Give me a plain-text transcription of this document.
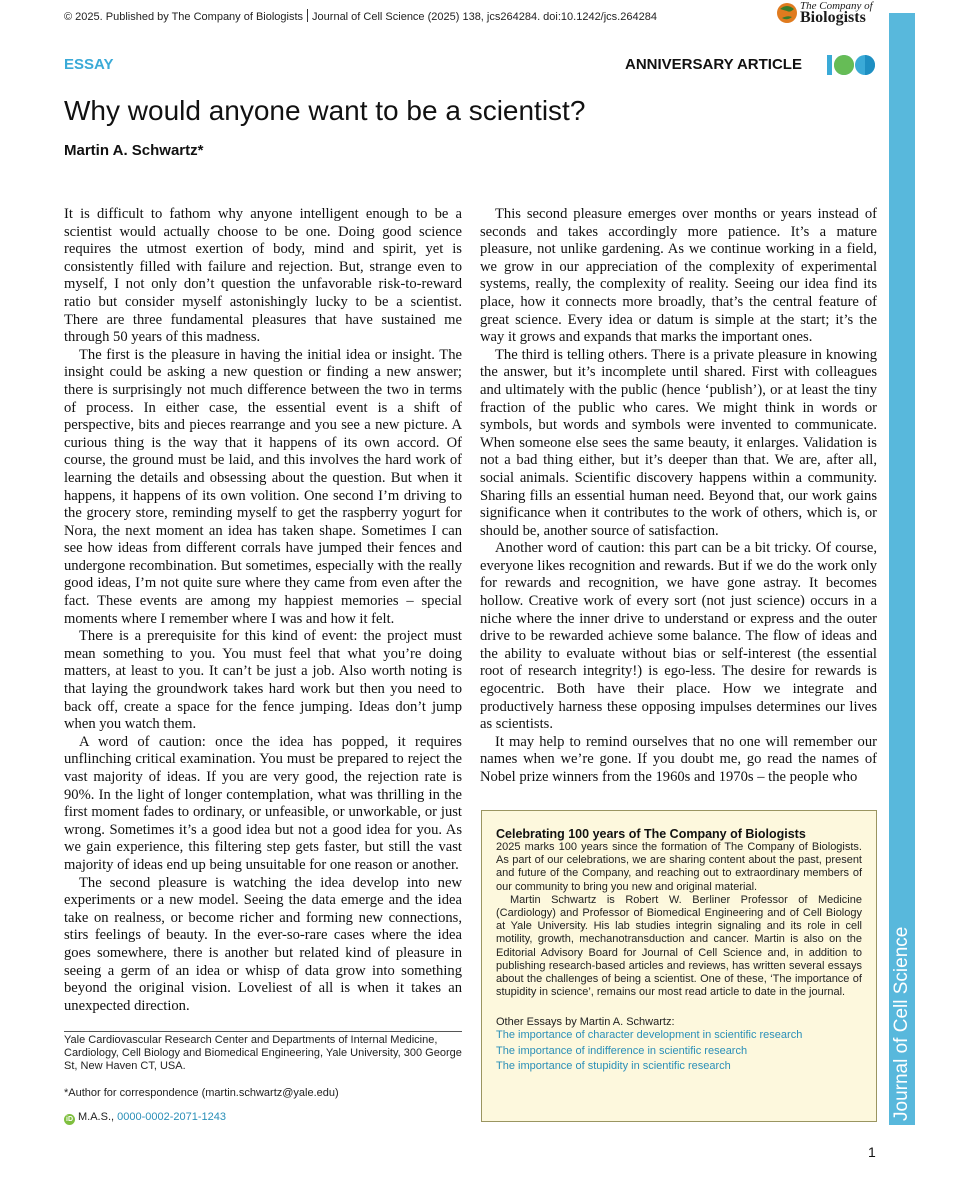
© 2025. Published by The Company of Biologists Journal of Cell Science (2025) 138, jcs264284. doi:10.1242/jcs.264284
The Company of
Biologists
ESSAY	ANNIVERSARY ARTICLE
Why would anyone want to be a scientist?
Martin A. Schwartz*

It is difficult to fathom why anyone intelligent enough to be a scientist would actually choose to be one. Doing good science requires the utmost exertion of body, mind and spirit, yet is consistently filled with failure and rejection. But, strange even to myself, I not only don’t question the unfavorable risk-to-reward ratio but consider myself astonishingly lucky to be a scientist. There are three fundamental pleasures that have sustained me through 50 years of this madness.

The first is the pleasure in having the initial idea or insight. The insight could be asking a new question or finding a new answer; there is surprisingly not much difference between the two in terms of process. In either case, the essential event is a shift of perspective, bits and pieces rearrange and you see a new picture. A curious thing is the way that it happens of its own accord. Of course, the ground must be laid, and this involves the hard work of learning the details and obsessing about the question. But when it happens, it happens of its own volition. One second I’m driving to the grocery store, reminding myself to get the raspberry yogurt for Nora, the next moment an idea has taken shape. Sometimes I can see how ideas from different corrals have jumped their fences and undergone recombination. But sometimes, especially with the really good ideas, I’m not quite sure where they came from even after the fact. These events are among my happiest memories – special moments where I remember where I was and how it felt.

There is a prerequisite for this kind of event: the project must mean something to you. You must feel that what you’re doing matters, at least to you. It can’t be just a job. Also worth noting is that laying the groundwork takes hard work but then you need to back off, create a space for the fence jumping. Ideas don’t jump when you watch them.

A word of caution: once the idea has popped, it requires unflinching critical examination. You must be prepared to reject the vast majority of ideas. If you are very good, the rejection rate is 90%. In the light of longer contemplation, what was thrilling in the first moment fades to ordinary, or unfeasible, or unworkable, or just wrong. Sometimes it’s a good idea but not a good idea for you. As we gain experience, this filtering step gets faster, but still the vast majority of ideas end up being unsuitable for one reason or another.

The second pleasure is watching the idea develop into new experiments or a new model. Seeing the data emerge and the idea take on realness, or become richer and forming new connections, stirs feelings of beauty. In the ever-so-rare cases where the idea goes somewhere, there is another but related kind of pleasure in seeing a germ of an idea or whisp of data grow into something beyond the original vision. Loveliest of all is when it takes an unexpected direction.

This second pleasure emerges over months or years instead of seconds and takes accordingly more patience. It’s a mature pleasure, not unlike gardening. As we continue working in a field, we grow in our appreciation of the complexity of experimental systems, really, the complexity of reality. Seeing our idea find its place, how it connects more broadly, that’s the central feature of great science. Every idea or datum is simple at the start; it’s the way it grows and expands that marks the important ones.

The third is telling others. There is a private pleasure in knowing the answer, but it’s incomplete until shared. First with colleagues and ultimately with the public (hence ‘publish’), or at least the tiny fraction of the public who cares. We might think in words or symbols, but words and symbols were invented to communicate. When someone else sees the same beauty, it enlarges. Validation is not a bad thing either, but it’s deeper than that. We are, after all, social animals. Scientific discovery happens within a community. Sharing fills an essential human need. Beyond that, our work gains significance when it contributes to the work of others, which is, or should be, another source of satisfaction.

Another word of caution: this part can be a bit tricky. Of course, everyone likes recognition and rewards. But if we do the work only for rewards and recognition, we have gone astray. It becomes hollow. Creative work of every sort (not just science) occurs in a niche where the inner drive to understand or express and the outer drive to be rewarded achieve some balance. The flow of ideas and the ability to evaluate without bias or self-interest (the essential root of research integrity!) is ego-less. The desire for rewards is egocentric. Both have their place. How we integrate and productively harness these opposing impulses determines our lives as scientists.

It may help to remind ourselves that no one will remember our names when we’re gone. If you doubt me, go read the names of Nobel prize winners from the 1960s and 1970s – the people who

Yale Cardiovascular Research Center and Departments of Internal Medicine, Cardiology, Cell Biology and Biomedical Engineering, Yale University, 300 George St, New Haven CT, USA.
*Author for correspondence (martin.schwartz@yale.edu)
iD M.A.S., 0000-0002-2071-1243
Celebrating 100 years of The Company of Biologists

2025 marks 100 years since the formation of The Company of Biologists. As part of our celebrations, we are sharing content about the past, present and future of the Company, and reaching out to extraordinary members of our community to bring you new and original material.

Martin Schwartz is Robert W. Berliner Professor of Medicine (Cardiology) and Professor of Biomedical Engineering and of Cell Biology at Yale University. His lab studies integrin signaling and its role in cell motility, growth, mechanotransduction and cancer. Martin is also on the Editorial Advisory Board for Journal of Cell Science and, in addition to publishing research-based articles and reviews, has written several essays about the challenges of being a scientist. One of these, ‘The importance of stupidity in science’, remains our most read article to date in the journal.

Other Essays by Martin A. Schwartz:
The importance of character development in scientific research
The importance of indifference in scientific research
The importance of stupidity in scientific research
1
